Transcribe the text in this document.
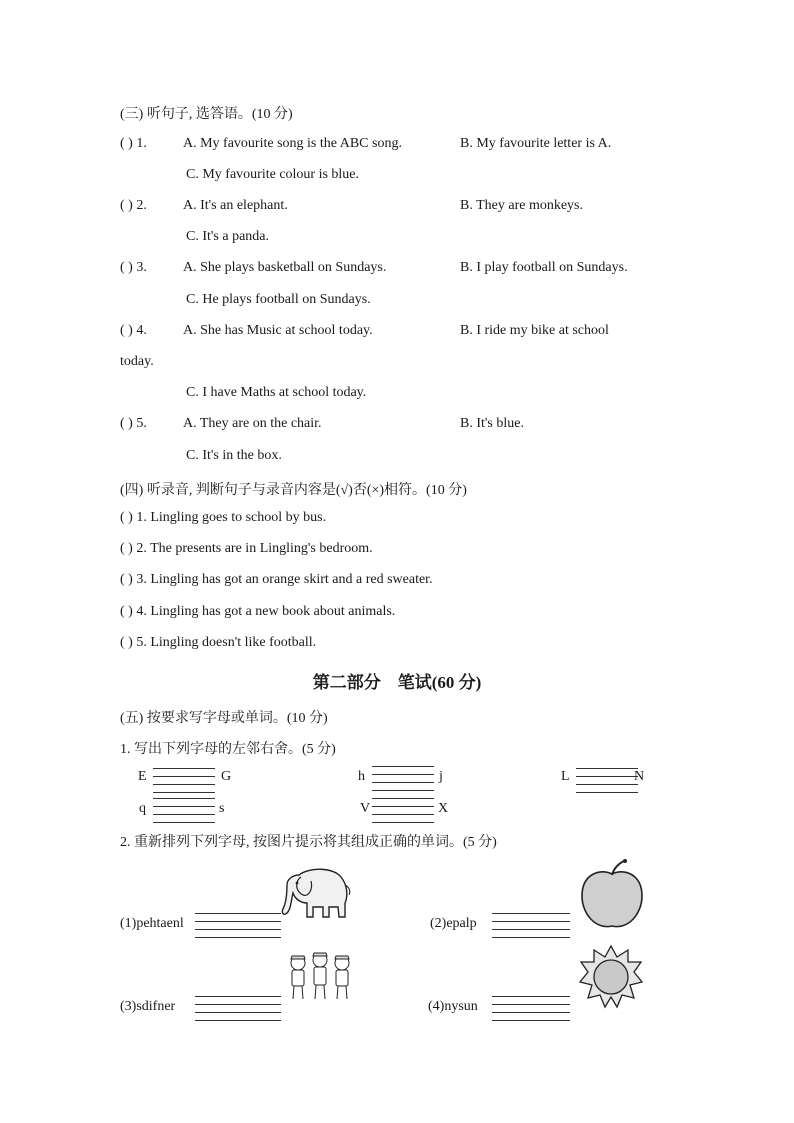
(三) 听句子, 选答语。(10 分)
( ) 1.	A. My favourite song is the ABC song.	B. My favourite letter is A.
C. My favourite colour is blue.
( ) 2.	A. It's an elephant.	B. They are monkeys.
C. It's a panda.
( ) 3.	A. She plays basketball on Sundays.	B. I play football on Sundays.
C. He plays football on Sundays.
( ) 4.	A. She has Music at school today.	B. I ride my bike at school
today.
C. I have Maths at school today.
( ) 5.	A. They are on the chair.	B. It's blue.
C. It's in the box.
(四) 听录音, 判断句子与录音内容是(√)否(×)相符。(10 分)
( ) 1. Lingling goes to school by bus.
( ) 2. The presents are in Lingling's bedroom.
( ) 3. Lingling has got an orange skirt and a red sweater.
( ) 4. Lingling has got a new book about animals.
( ) 5. Lingling doesn't like football.
第二部分　笔试(60 分)
(五) 按要求写字母或单词。(10 分)
1. 写出下列字母的左邻右舍。(5 分)
E	G	h	j	L	N
q	s	V	X
2. 重新排列下列字母, 按图片提示将其组成正确的单词。(5 分)
(1)pehtaenl	(2)epalp
(3)sdifner	(4)nysun
